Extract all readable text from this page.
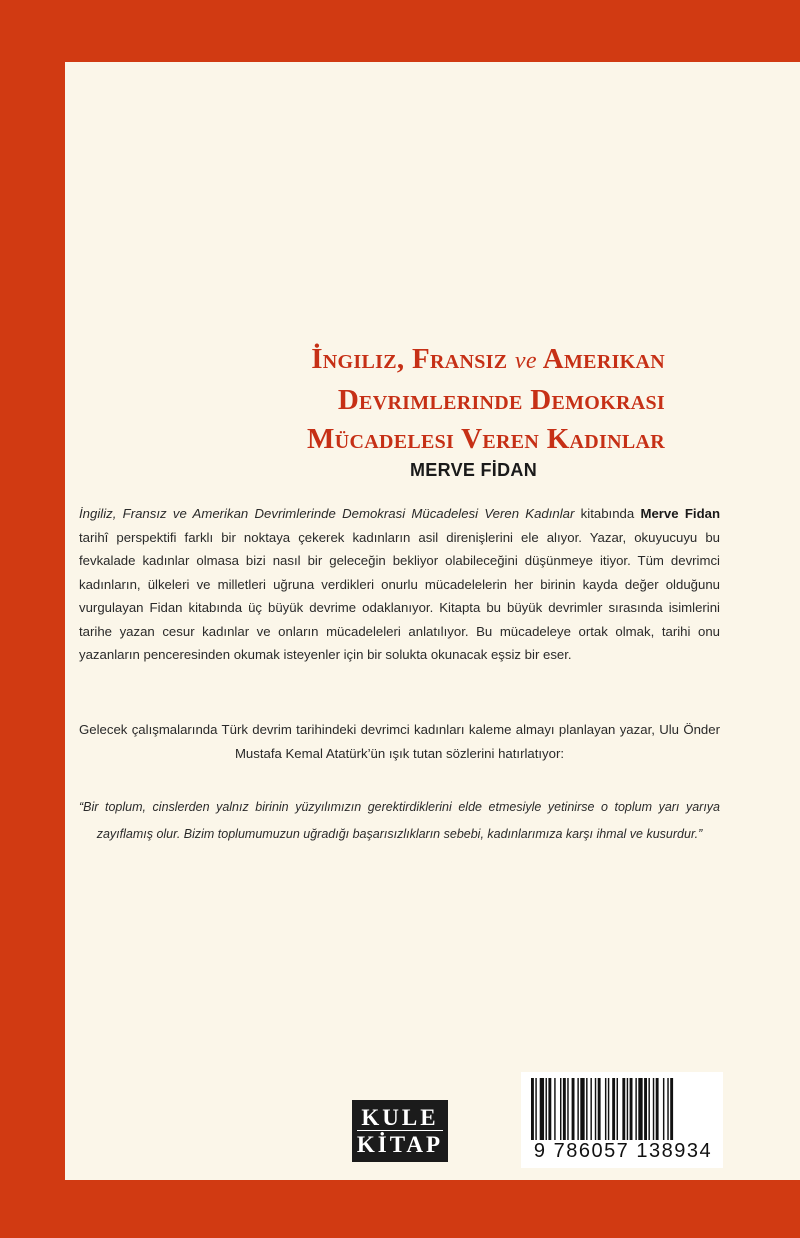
İngiliz, Fransız ve Amerikan
Devrimlerinde Demokrasi
Mücadelesi Veren Kadınlar
MERVE FİDAN
İngiliz, Fransız ve Amerikan Devrimlerinde Demokrasi Mücadelesi Veren Kadınlar kitabında Merve Fidan tarihî perspektifi farklı bir noktaya çekerek kadınların asil direnişlerini ele alıyor. Yazar, okuyucuyu bu fevkalade kadınlar olmasa bizi nasıl bir geleceğin bekliyor olabileceğini düşünmeye itiyor. Tüm devrimci kadınların, ülkeleri ve milletleri uğruna verdikleri onurlu mücadelelerin her birinin kayda değer olduğunu vurgulayan Fidan kitabında üç büyük devrime odaklanıyor. Kitapta bu büyük devrimler sırasında isimlerini tarihe yazan cesur kadınlar ve onların mücadeleleri anlatılıyor. Bu mücadeleye ortak olmak, tarihi onu yazanların penceresinden okumak isteyenler için bir solukta okunacak eşsiz bir eser.
Gelecek çalışmalarında Türk devrim tarihindeki devrimci kadınları kaleme almayı planlayan yazar, Ulu Önder Mustafa Kemal Atatürk’ün ışık tutan sözlerini hatırlatıyor:
“Bir toplum, cinslerden yalnız birinin yüzyılımızın gerektirdiklerini elde etmesiyle yetinirse o toplum yarı yarıya zayıflamış olur. Bizim toplumumuzun uğradığı başarısızlıkların sebebi, kadınlarımıza karşı ihmal ve kusurdur.”
KULE
KİTAP	9 786057 138934
